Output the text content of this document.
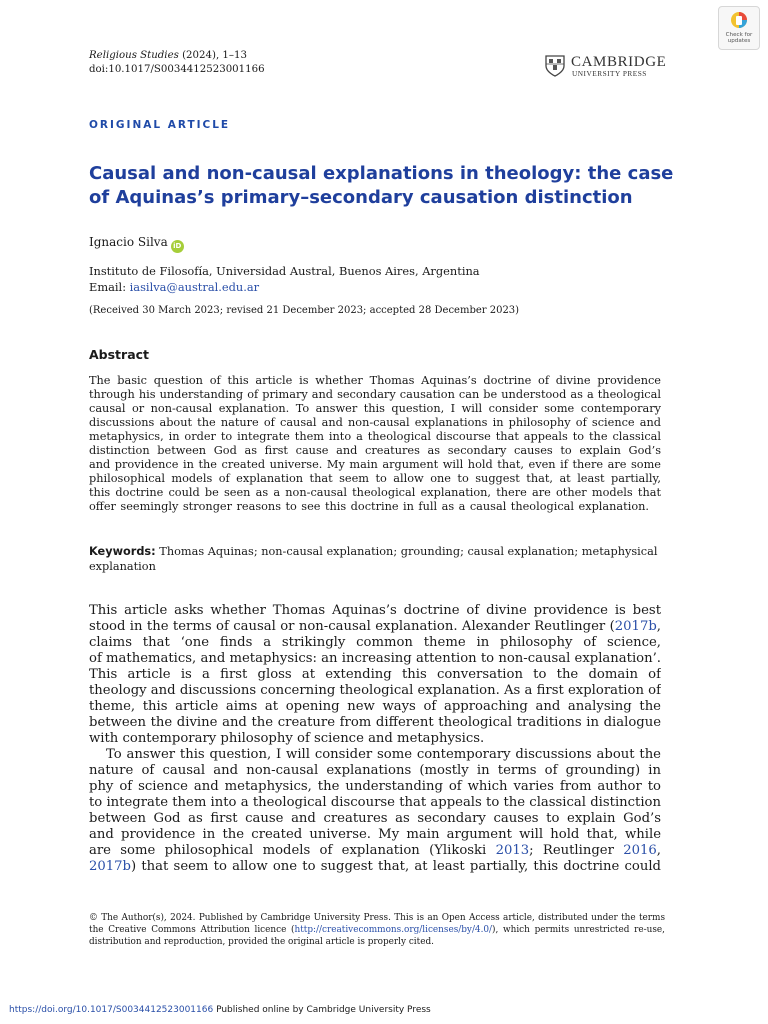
Religious Studies (2024), 1–13
doi:10.1017/S0034412523001166	CAMBRIDGE
UNIVERSITY PRESS
Check for
updates
ORIGINAL ARTICLE
Causal and non-causal explanations in theology: the case
of Aquinas’s primary–secondary causation distinction
Ignacio Silva iD
Instituto de Filosofía, Universidad Austral, Buenos Aires, Argentina
Email: iasilva@austral.edu.ar
(Received 30 March 2023; revised 21 December 2023; accepted 28 December 2023)
Abstract
The basic question of this article is whether Thomas Aquinas’s doctrine of divine providence
through his understanding of primary and secondary causation can be understood as a theological
causal or non-causal explanation. To answer this question, I will consider some contemporary
discussions about the nature of causal and non-causal explanations in philosophy of science and
metaphysics, in order to integrate them into a theological discourse that appeals to the classical
distinction between God as first cause and creatures as secondary causes to explain God’s
and providence in the created universe. My main argument will hold that, even if there are some
philosophical models of explanation that seem to allow one to suggest that, at least partially,
this doctrine could be seen as a non-causal theological explanation, there are other models that
offer seemingly stronger reasons to see this doctrine in full as a causal theological explanation.
Keywords: Thomas Aquinas; non-causal explanation; grounding; causal explanation; metaphysical
explanation
This article asks whether Thomas Aquinas’s doctrine of divine providence is best
stood in the terms of causal or non-causal explanation. Alexander Reutlinger (2017b,
claims that ‘one finds a strikingly common theme in philosophy of science,
of mathematics, and metaphysics: an increasing attention to non-causal explanation’.
This article is a first gloss at extending this conversation to the domain of
theology and discussions concerning theological explanation. As a first exploration of
theme, this article aims at opening new ways of approaching and analysing the
between the divine and the creature from different theological traditions in dialogue
with contemporary philosophy of science and metaphysics.
To answer this question, I will consider some contemporary discussions about the
nature of causal and non-causal explanations (mostly in terms of grounding) in
phy of science and metaphysics, the understanding of which varies from author to
to integrate them into a theological discourse that appeals to the classical distinction
between God as first cause and creatures as secondary causes to explain God’s
and providence in the created universe. My main argument will hold that, while
are some philosophical models of explanation (Ylikoski 2013; Reutlinger 2016,
2017b) that seem to allow one to suggest that, at least partially, this doctrine could
© The Author(s), 2024. Published by Cambridge University Press. This is an Open Access article, distributed under the terms
the Creative Commons Attribution licence (http://creativecommons.org/licenses/by/4.0/), which permits unrestricted re-use,
distribution and reproduction, provided the original article is properly cited.
https://doi.org/10.1017/S0034412523001166 Published online by Cambridge University Press
